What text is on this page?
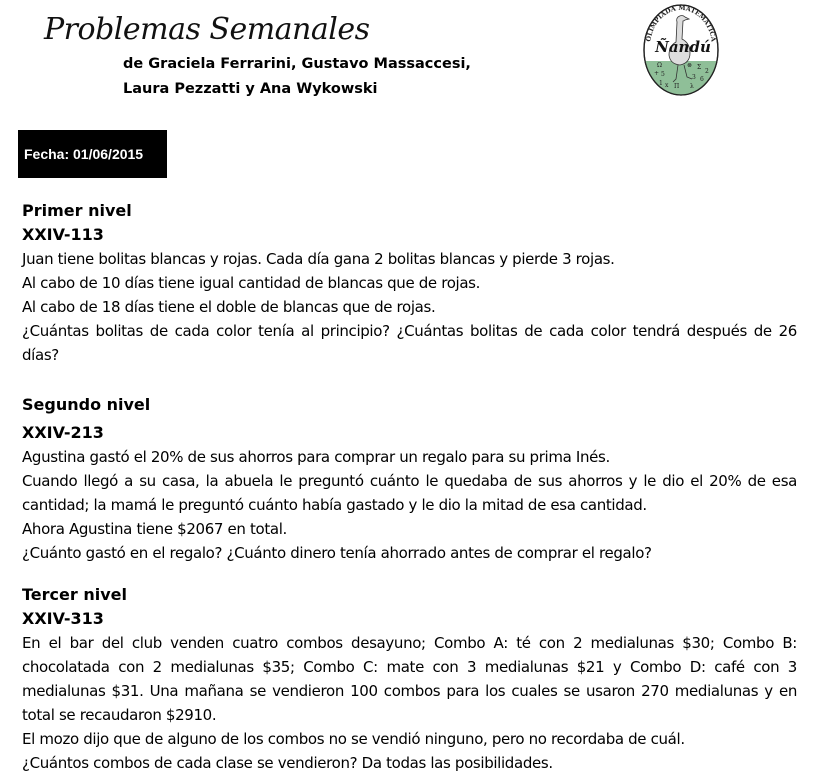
Problemas Semanales
de Graciela Ferrarini, Gustavo Massaccesi,
Laura Pezzatti y Ana Wykowski
OLIMPIADA MATEMATICA
Ñandú
Ω	⊗ Σ
2
+ 5	3 6
x Π λ
1
Fecha: 01/06/2015
Primer nivel
XXIV-113

Juan tiene bolitas blancas y rojas. Cada día gana 2 bolitas blancas y pierde 3 rojas.

Al cabo de 10 días tiene igual cantidad de blancas que de rojas.

Al cabo de 18 días tiene el doble de blancas que de rojas.

¿Cuántas bolitas de cada color tenía al principio? ¿Cuántas bolitas de cada color tendrá después de 26 días?

Segundo nivel
XXIV-213

Agustina gastó el 20% de sus ahorros para comprar un regalo para su prima Inés.

Cuando llegó a su casa, la abuela le preguntó cuánto le quedaba de sus ahorros y le dio el 20% de esa cantidad; la mamá le preguntó cuánto había gastado y le dio la mitad de esa cantidad.

Ahora Agustina tiene $2067 en total.

¿Cuánto gastó en el regalo? ¿Cuánto dinero tenía ahorrado antes de comprar el regalo?

Tercer nivel
XXIV-313

En el bar del club venden cuatro combos desayuno; Combo A: té con 2 medialunas $30; Combo B: chocolatada con 2 medialunas $35; Combo C: mate con 3 medialunas $21 y Combo D: café con 3 medialunas $31. Una mañana se vendieron 100 combos para los cuales se usaron 270 medialunas y en total se recaudaron $2910.

El mozo dijo que de alguno de los combos no se vendió ninguno, pero no recordaba de cuál.

¿Cuántos combos de cada clase se vendieron? Da todas las posibilidades.
